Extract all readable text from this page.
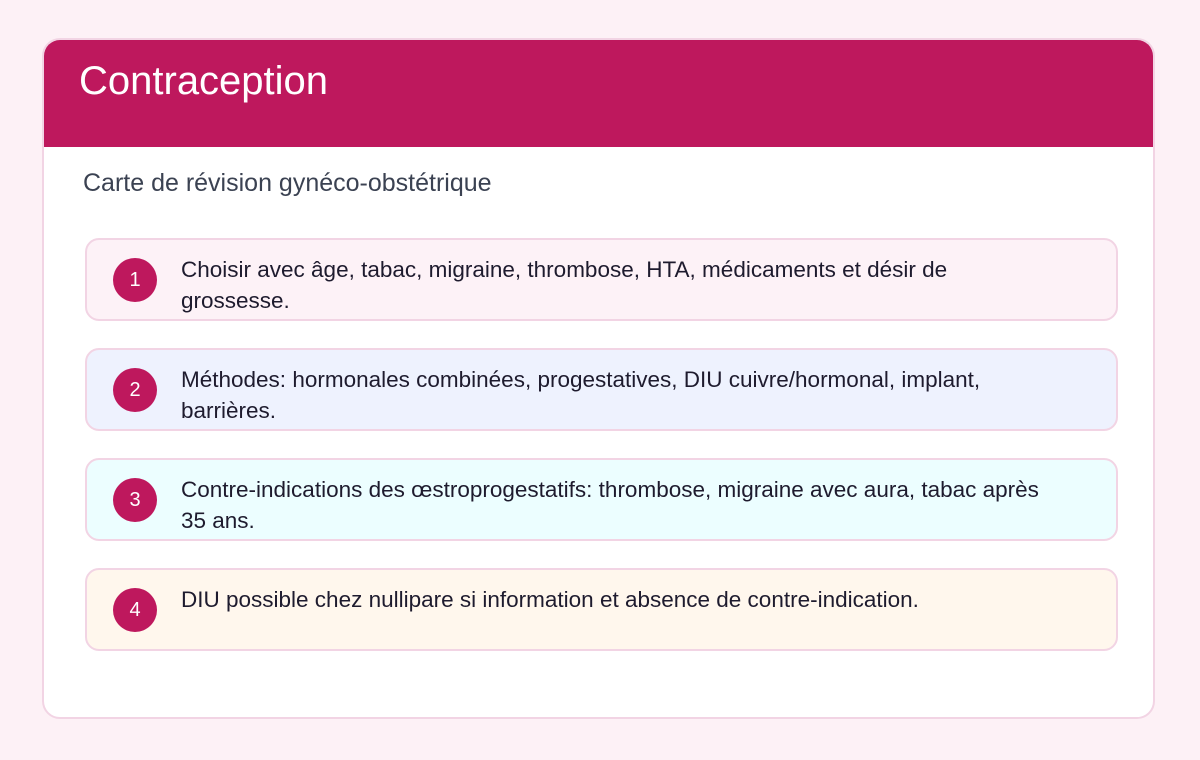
Contraception
Carte de révision gynéco-obstétrique
1	Choisir avec âge, tabac, migraine, thrombose, HTA, médicaments et désir de grossesse.
2	Méthodes: hormonales combinées, progestatives, DIU cuivre/hormonal, implant, barrières.
3	Contre-indications des œstroprogestatifs: thrombose, migraine avec aura, tabac après 35 ans.
4	DIU possible chez nullipare si information et absence de contre-indication.
